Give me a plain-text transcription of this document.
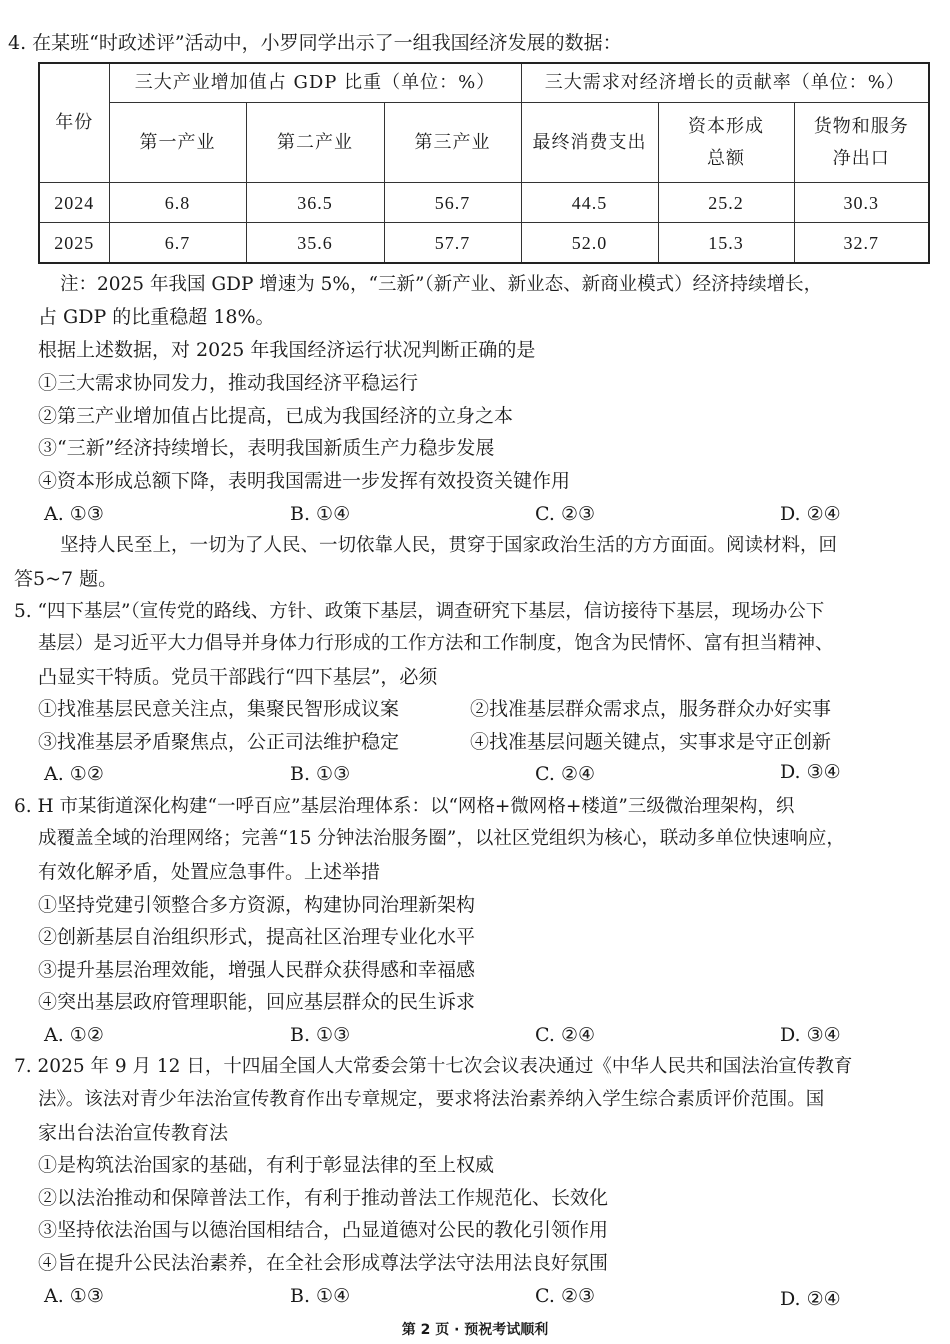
4. 在某班“时政述评”活动中，小罗同学出示了一组我国经济发展的数据：
年份	三大产业增加值占 GDP 比重（单位：%）			三大需求对经济增长的贡献率（单位：%）		
	第一产业	第二产业	第三产业	最终消费支出	资本形成总额	货物和服务净出口
2024	6.8	36.5	56.7	44.5	25.2	30.3
2025	6.7	35.6	57.7	52.0	15.3	32.7
注：2025 年我国 GDP 增速为 5%，“三新”（新产业、新业态、新商业模式）经济持续增长，
占 GDP 的比重稳超 18%。
根据上述数据，对 2025 年我国经济运行状况判断正确的是
①三大需求协同发力，推动我国经济平稳运行
②第三产业增加值占比提高，已成为我国经济的立身之本
③“三新”经济持续增长，表明我国新质生产力稳步发展
④资本形成总额下降，表明我国需进一步发挥有效投资关键作用
A. ①③	B. ①④	C. ②③	D. ②④
坚持人民至上，一切为了人民、一切依靠人民，贯穿于国家政治生活的方方面面。阅读材料，回
答5~7 题。
5. “四下基层”（宣传党的路线、方针、政策下基层，调查研究下基层，信访接待下基层，现场办公下
基层）是习近平大力倡导并身体力行形成的工作方法和工作制度，饱含为民情怀、富有担当精神、
凸显实干特质。党员干部践行“四下基层”，必须
①找准基层民意关注点，集聚民智形成议案	②找准基层群众需求点，服务群众办好实事
③找准基层矛盾聚焦点，公正司法维护稳定	④找准基层问题关键点，实事求是守正创新
A. ①②	B. ①③	C. ②④	D. ③④
6. H 市某街道深化构建“一呼百应”基层治理体系：以“网格+微网格+楼道”三级微治理架构，织
成覆盖全域的治理网络；完善“15 分钟法治服务圈”，以社区党组织为核心，联动多单位快速响应，
有效化解矛盾，处置应急事件。上述举措
①坚持党建引领整合多方资源，构建协同治理新架构
②创新基层自治组织形式，提高社区治理专业化水平
③提升基层治理效能，增强人民群众获得感和幸福感
④突出基层政府管理职能，回应基层群众的民生诉求
A. ①②	B. ①③	C. ②④	D. ③④
7. 2025 年 9 月 12 日，十四届全国人大常委会第十七次会议表决通过《中华人民共和国法治宣传教育
法》。该法对青少年法治宣传教育作出专章规定，要求将法治素养纳入学生综合素质评价范围。国
家出台法治宣传教育法
①是构筑法治国家的基础，有利于彰显法律的至上权威
②以法治推动和保障普法工作，有利于推动普法工作规范化、长效化
③坚持依法治国与以德治国相结合，凸显道德对公民的教化引领作用
④旨在提升公民法治素养，在全社会形成尊法学法守法用法良好氛围
A. ①③	B. ①④	C. ②③	D. ②④
第 2 页 · 预祝考试顺利
